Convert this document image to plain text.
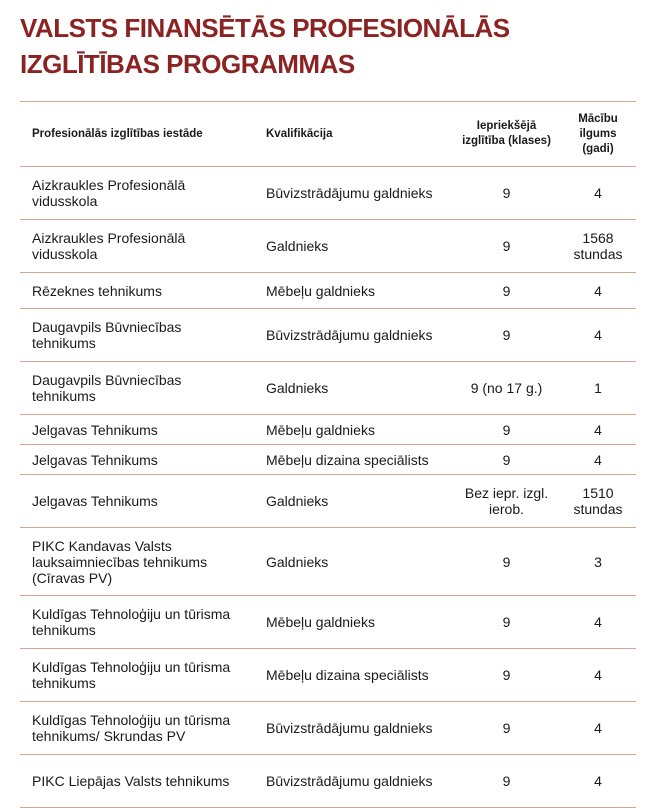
VALSTS FINANSĒTĀS PROFESIONĀLĀS
IZGLĪTĪBAS PROGRAMMAS
Profesionālās izglītības iestāde	Kvalifikācija	Iepriekšējā izglītība (klases)	Mācību ilgums (gadi)
Aizkraukles Profesionālā vidusskola	Būvizstrādājumu galdnieks	9	4
Aizkraukles Profesionālā vidusskola	Galdnieks	9	1568 stundas
Rēzeknes tehnikums	Mēbeļu galdnieks	9	4
Daugavpils Būvniecības tehnikums	Būvizstrādājumu galdnieks	9	4
Daugavpils Būvniecības tehnikums	Galdnieks	9 (no 17 g.)	1
Jelgavas Tehnikums	Mēbeļu galdnieks	9	4
Jelgavas Tehnikums	Mēbeļu dizaina speciālists	9	4
Jelgavas Tehnikums	Galdnieks	Bez iepr. izgl. ierob.	1510 stundas
PIKC Kandavas Valsts lauksaimniecības tehnikums (Cīravas PV)	Galdnieks	9	3
Kuldīgas Tehnoloģiju un tūrisma tehnikums	Mēbeļu galdnieks	9	4
Kuldīgas Tehnoloģiju un tūrisma tehnikums	Mēbeļu dizaina speciālists	9	4
Kuldīgas Tehnoloģiju un tūrisma tehnikums/ Skrundas PV	Būvizstrādājumu galdnieks	9	4
PIKC Liepājas Valsts tehnikums	Būvizstrādājumu galdnieks	9	4
